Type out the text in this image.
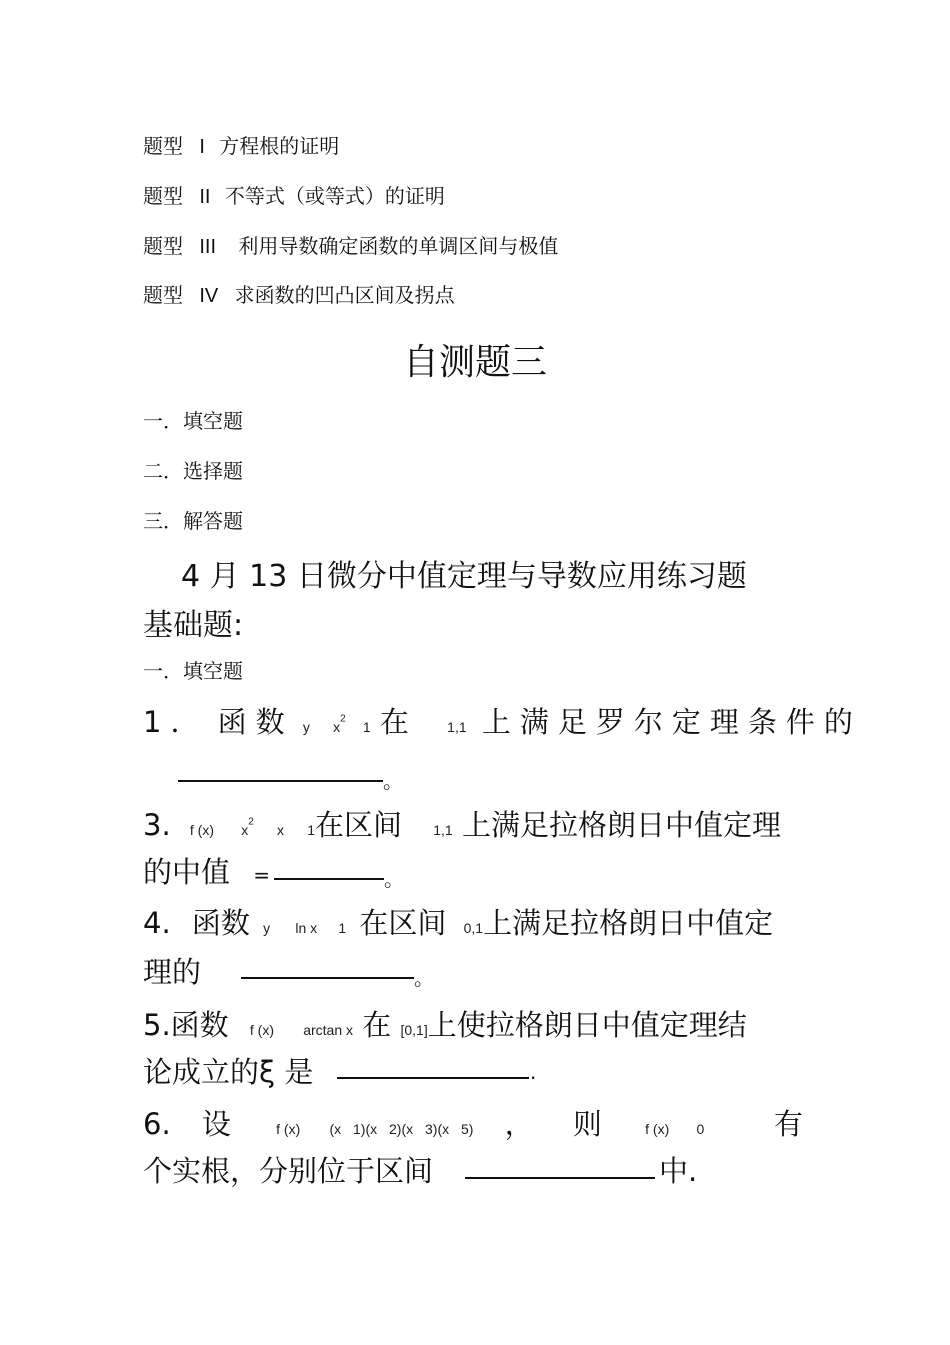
题型 I 方程根的证明
题型 II 不等式（或等式）的证明
题型 III 利用导数确定函数的单调区间与极值
题型 IV 求函数的凹凸区间及拐点
自测题三
一．填空题
二．选择题
三．解答题
4 月 13 日微分中值定理与导数应用练习题
基础题:
一．填空题
1． 函数 y $x^2$ 1 在 1,1 上满足罗尔定理条件的
。
3. f (x) $x^2$ x 1在区间 1,1 上满足拉格朗日中值定理
的中值 =	。
4. 函数 y ln x 1 在区间 0,1上满足拉格朗日中值定
理的	。
5.函数 f (x) arctan x 在 [0,1]上使拉格朗日中值定理结
论成立的ξ 是	.
6. 设	f (x) (x 1)(x 2)(x 3)(x 5) ， 则	f (x) 0 有
个实根，分别位于区间	中.
